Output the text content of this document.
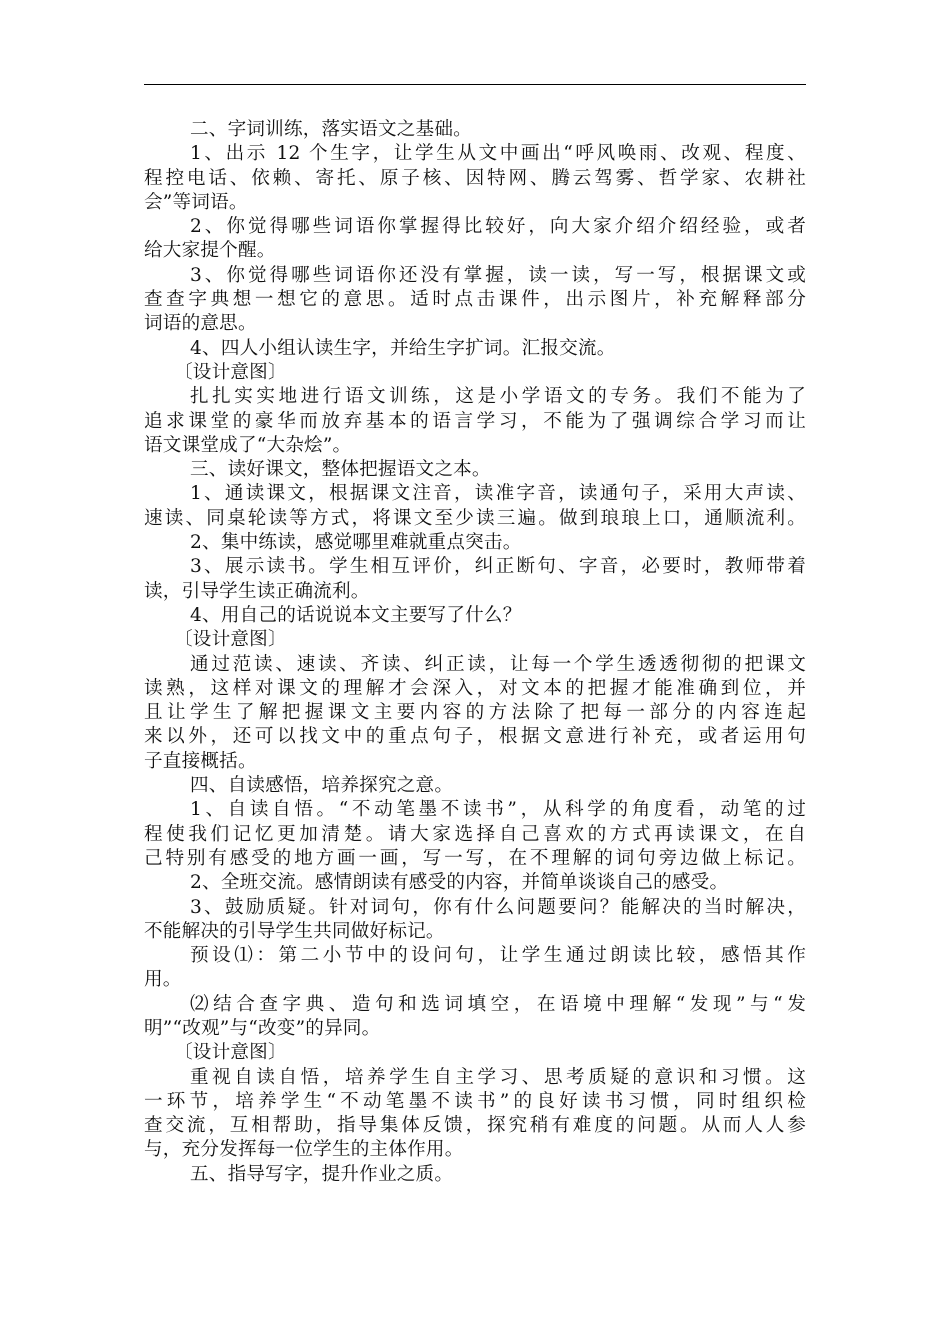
二、字词训练，落实语文之基础。
1、出示 12 个生字，让学生从文中画出“呼风唤雨、改观、程度、
程控电话、依赖、寄托、原子核、因特网、腾云驾雾、哲学家、农耕社
会”等词语。
2、你觉得哪些词语你掌握得比较好，向大家介绍介绍经验，或者
给大家提个醒。
3、你觉得哪些词语你还没有掌握，读一读，写一写，根据课文或
查查字典想一想它的意思。适时点击课件，出示图片，补充解释部分
词语的意思。
4、四人小组认读生字，并给生字扩词。汇报交流。
〔设计意图〕
扎扎实实地进行语文训练，这是小学语文的专务。我们不能为了
追求课堂的豪华而放弃基本的语言学习，不能为了强调综合学习而让
语文课堂成了“大杂烩”。
三、读好课文，整体把握语文之本。
1、通读课文，根据课文注音，读准字音，读通句子，采用大声读、
速读、同桌轮读等方式，将课文至少读三遍。做到琅琅上口，通顺流利。
2、集中练读，感觉哪里难就重点突击。
3、展示读书。学生相互评价，纠正断句、字音，必要时，教师带着
读，引导学生读正确流利。
4、用自己的话说说本文主要写了什么？
〔设计意图〕
通过范读、速读、齐读、纠正读，让每一个学生透透彻彻的把课文
读熟，这样对课文的理解才会深入，对文本的把握才能准确到位，并
且让学生了解把握课文主要内容的方法除了把每一部分的内容连起
来以外，还可以找文中的重点句子，根据文意进行补充，或者运用句
子直接概括。
四、自读感悟，培养探究之意。
1、自读自悟。“不动笔墨不读书”，从科学的角度看，动笔的过
程使我们记忆更加清楚。请大家选择自己喜欢的方式再读课文，在自
己特别有感受的地方画一画，写一写，在不理解的词句旁边做上标记。
2、全班交流。感情朗读有感受的内容，并简单谈谈自己的感受。
3、鼓励质疑。针对词句，你有什么问题要问？能解决的当时解决，
不能解决的引导学生共同做好标记。
预设⑴：第二小节中的设问句，让学生通过朗读比较，感悟其作
用。
⑵结合查字典、造句和选词填空，在语境中理解“发现”与“发
明”“改观”与“改变”的异同。
〔设计意图〕
重视自读自悟，培养学生自主学习、思考质疑的意识和习惯。这
一环节，培养学生“不动笔墨不读书”的良好读书习惯，同时组织检
查交流，互相帮助，指导集体反馈，探究稍有难度的问题。从而人人参
与，充分发挥每一位学生的主体作用。
五、指导写字，提升作业之质。
